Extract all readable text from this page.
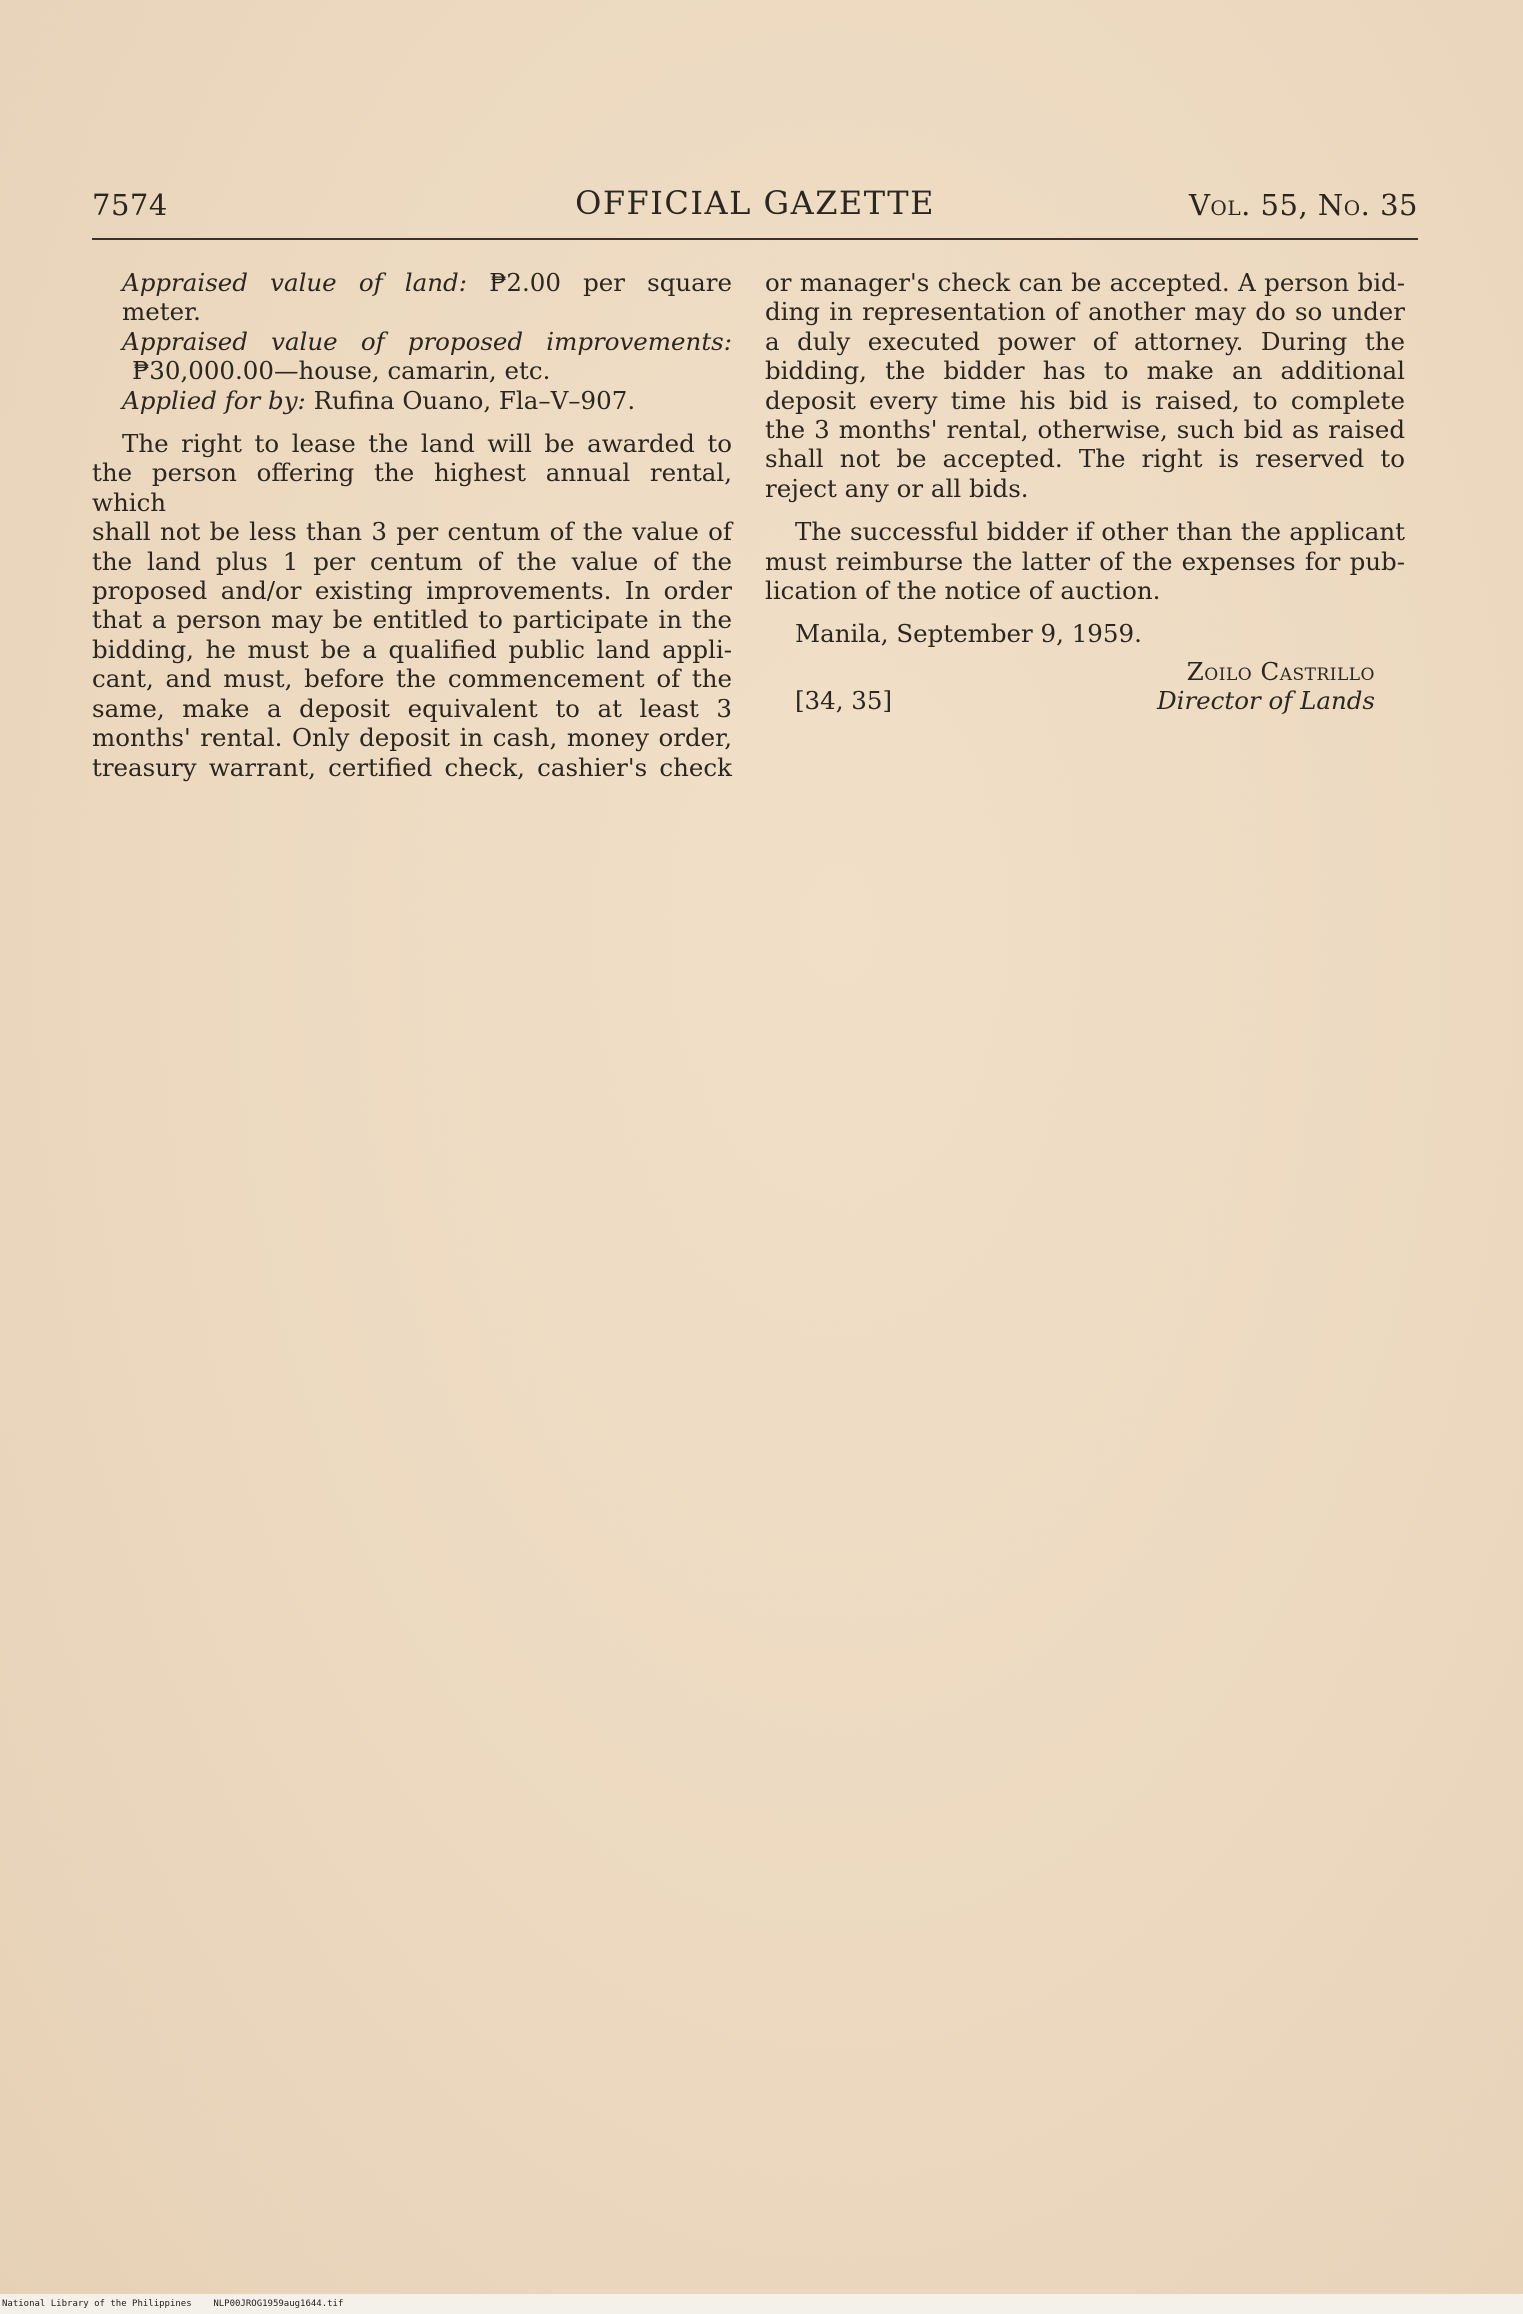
7574	OFFICIAL GAZETTE	Vol. 55, No. 35

Appraised value of land: ₱2.00 per square meter.

Appraised value of proposed improvements:

₱30,000.00—house, camarin, etc.

Applied for by: Rufina Ouano, Fla–V–907.

The right to lease the land will be awarded to

the person offering the highest annual rental, which

shall not be less than 3 per centum of the value of

the land plus 1 per centum of the value of the

proposed and/or existing improvements. In order

that a person may be entitled to participate in the

bidding, he must be a qualified public land appli-

cant, and must, before the commencement of the

same, make a deposit equivalent to at least 3

months' rental. Only deposit in cash, money order,

treasury warrant, certified check, cashier's check

or manager's check can be accepted. A person bid-

ding in representation of another may do so under

a duly executed power of attorney. During the

bidding, the bidder has to make an additional

deposit every time his bid is raised, to complete

the 3 months' rental, otherwise, such bid as raised

shall not be accepted. The right is reserved to

reject any or all bids.

The successful bidder if other than the applicant

must reimburse the latter of the expenses for pub-

lication of the notice of auction.

Manila, September 9, 1959.

Zoilo Castrillo

[34, 35]	Director of Lands
National Library of the Philippines NLP00JROG1959aug1644.tif
